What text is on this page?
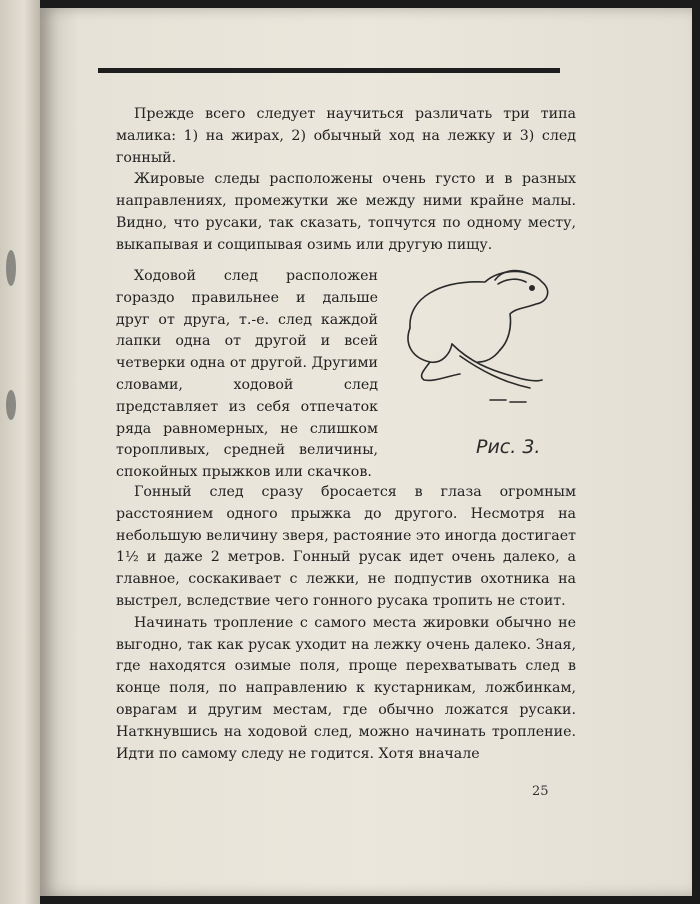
Прежде всего следует научиться различать три типа малика: 1) на жирах, 2) обычный ход на лежку и 3) след гонный.

Жировые следы расположены очень густо и в разных направлениях, промежутки же между ними крайне малы. Видно, что русаки, так сказать, топчутся по одному месту, выкапывая и сощипывая озимь или другую пищу.

Ходовой след расположен гораздо правильнее и дальше друг от друга, т.-е. след каждой лапки одна от другой и всей четверки одна от другой. Другими словами, ходовой след представляет из себя отпечаток ряда равномерных, не слишком торопливых, средней величины, спокойных прыжков или скачков.

Рис. 3.

Гонный след сразу бросается в глаза огромным расстоянием одного прыжка до другого. Несмотря на небольшую величину зверя, растояние это иногда достигает 1½ и даже 2 метров. Гонный русак идет очень далеко, а главное, соскакивает с лежки, не подпустив охотника на выстрел, вследствие чего гонного русака тропить не стоит.

Начинать тропление с самого места жировки обычно не выгодно, так как русак уходит на лежку очень далеко. Зная, где находятся озимые поля, проще перехватывать след в конце поля, по направлению к кустарникам, ложбинкам, оврагам и другим местам, где обычно ложатся русаки. Наткнувшись на ходовой след, можно начинать тропление. Идти по самому следу не годится. Хотя вначале

25
